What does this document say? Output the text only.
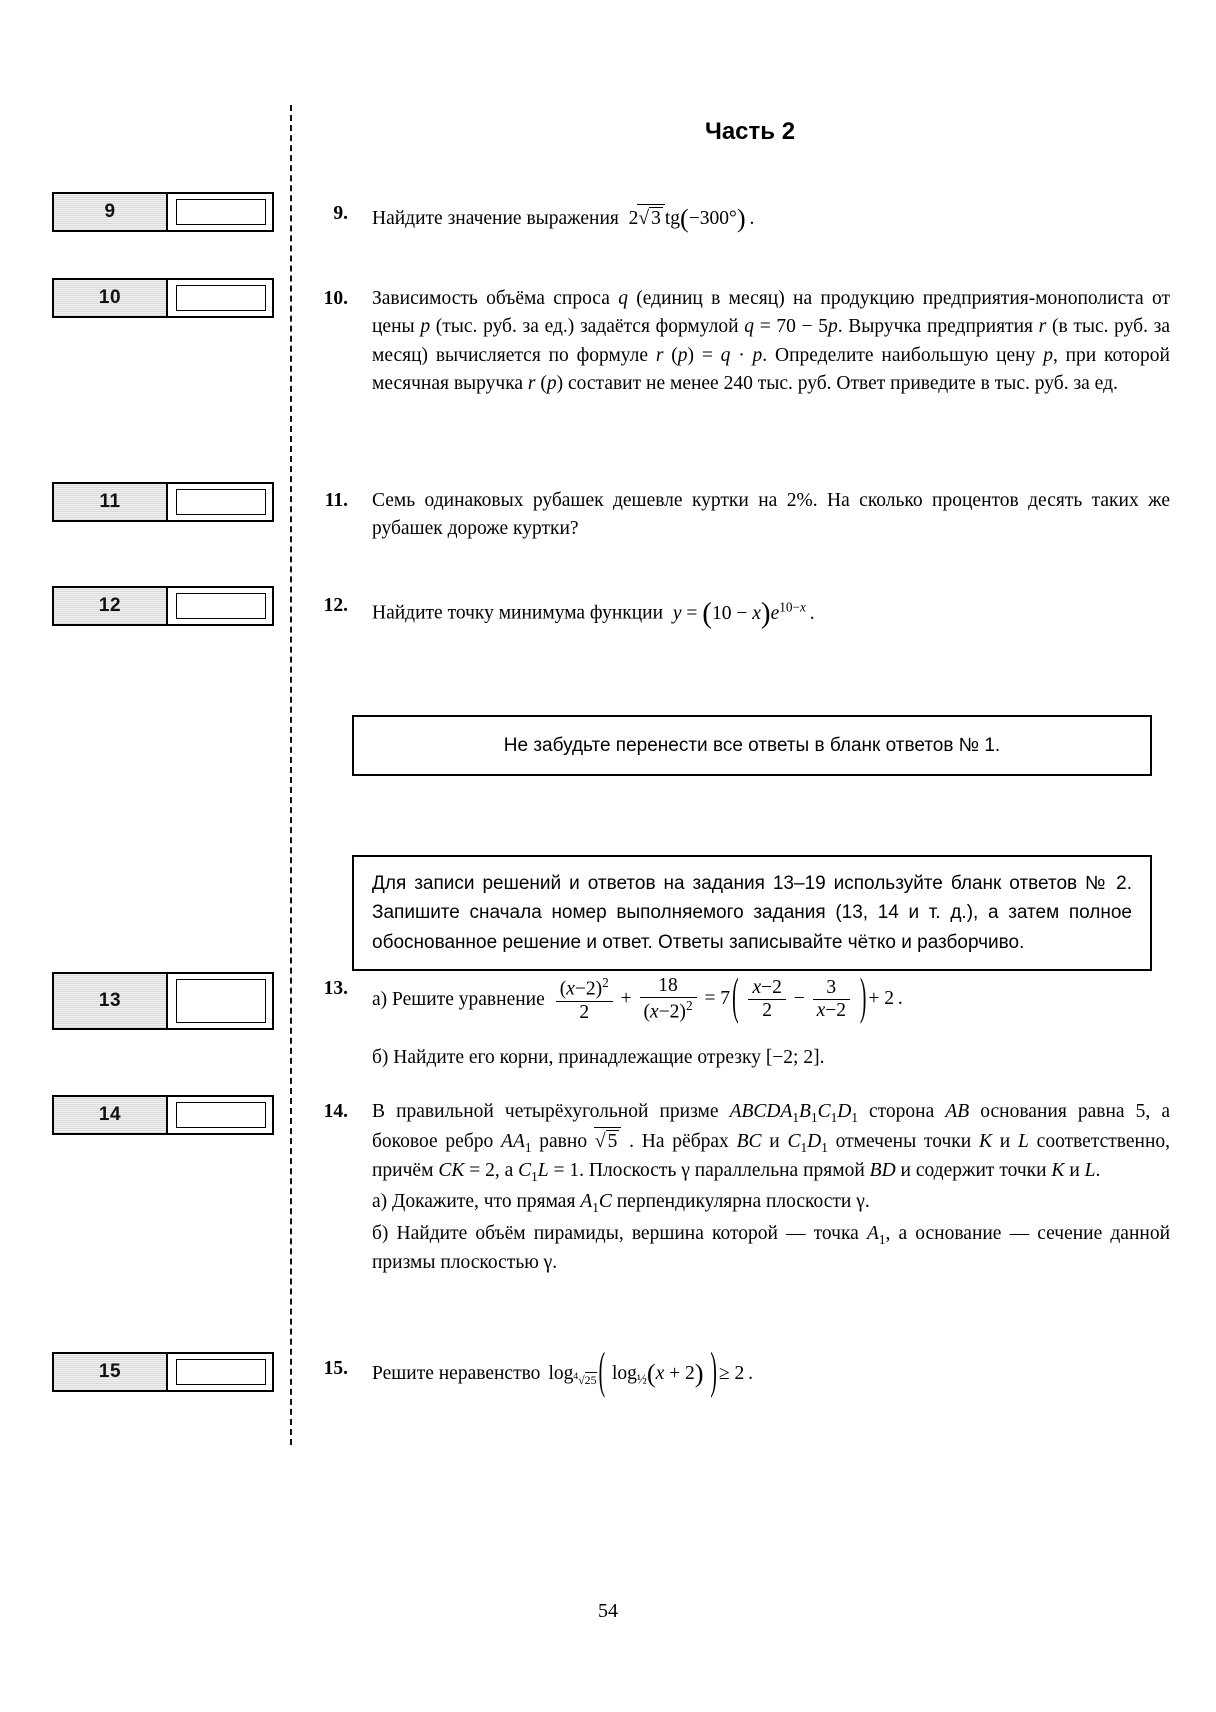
Часть 2
9
10
11
12
13
14
15
9. Найдите значение выражения  2√ 3 tg(−300°) .
10. Зависимость объёма спроса q (единиц в месяц) на продукцию предприятия-монополиста от цены p (тыс. руб. за ед.) задаётся формулой q = 70 − 5p. Выручка предприятия r (в тыс. руб. за месяц) вычисляется по формуле r (p) = q · p. Определите наибольшую цену p, при которой месячная выручка r (p) составит не менее 240 тыс. руб. Ответ приведите в тыс. руб. за ед.

11. Семь одинаковых рубашек дешевле куртки на 2%. На сколько процентов десять таких же рубашек дороже куртки?

12. Найдите точку минимума функции $y = (10 - x)e^{10-x}$ .
Не забудьте перенести все ответы в бланк ответов № 1.
Для записи решений и ответов на задания 13–19 используйте бланк ответов № 2. Запишите сначала номер выполняемого задания (13, 14 и т. д.), а затем полное обоснованное решение и ответ. Ответы записывайте чётко и разборчиво.
13.
а) Решите уравнение $\frac{(x-2)^2}{2} + \frac{18}{(x-2)^2} = 7$ ( $\frac{x-2}{2} - \frac{3}{x-2}$ ) + 2 .

б) Найдите его корни, принадлежащие отрезку [−2; 2].

14. В правильной четырёхугольной призме $ABCDA_1B_1C_1D_1$ сторона AB основания равна 5, а боковое ребро $AA_1$ равно √ 5 . На рёбрах BC и $C_1D_1$ отмечены точки K и L соответственно, причём CK = 2, а $C_1L = 1$. Плоскость γ параллельна прямой BD и содержит точки K и L.

а) Докажите, что прямая $A_1C$ перпендикулярна плоскости γ.

б) Найдите объём пирамиды, вершина которой — точка $A_1$, а основание — сечение данной призмы плоскостью γ.

15. Решите неравенство $\log_{^4√25}$ ( $\log_{\frac{1}{2}}(x + 2)$ ) ≥ 2 .
54
